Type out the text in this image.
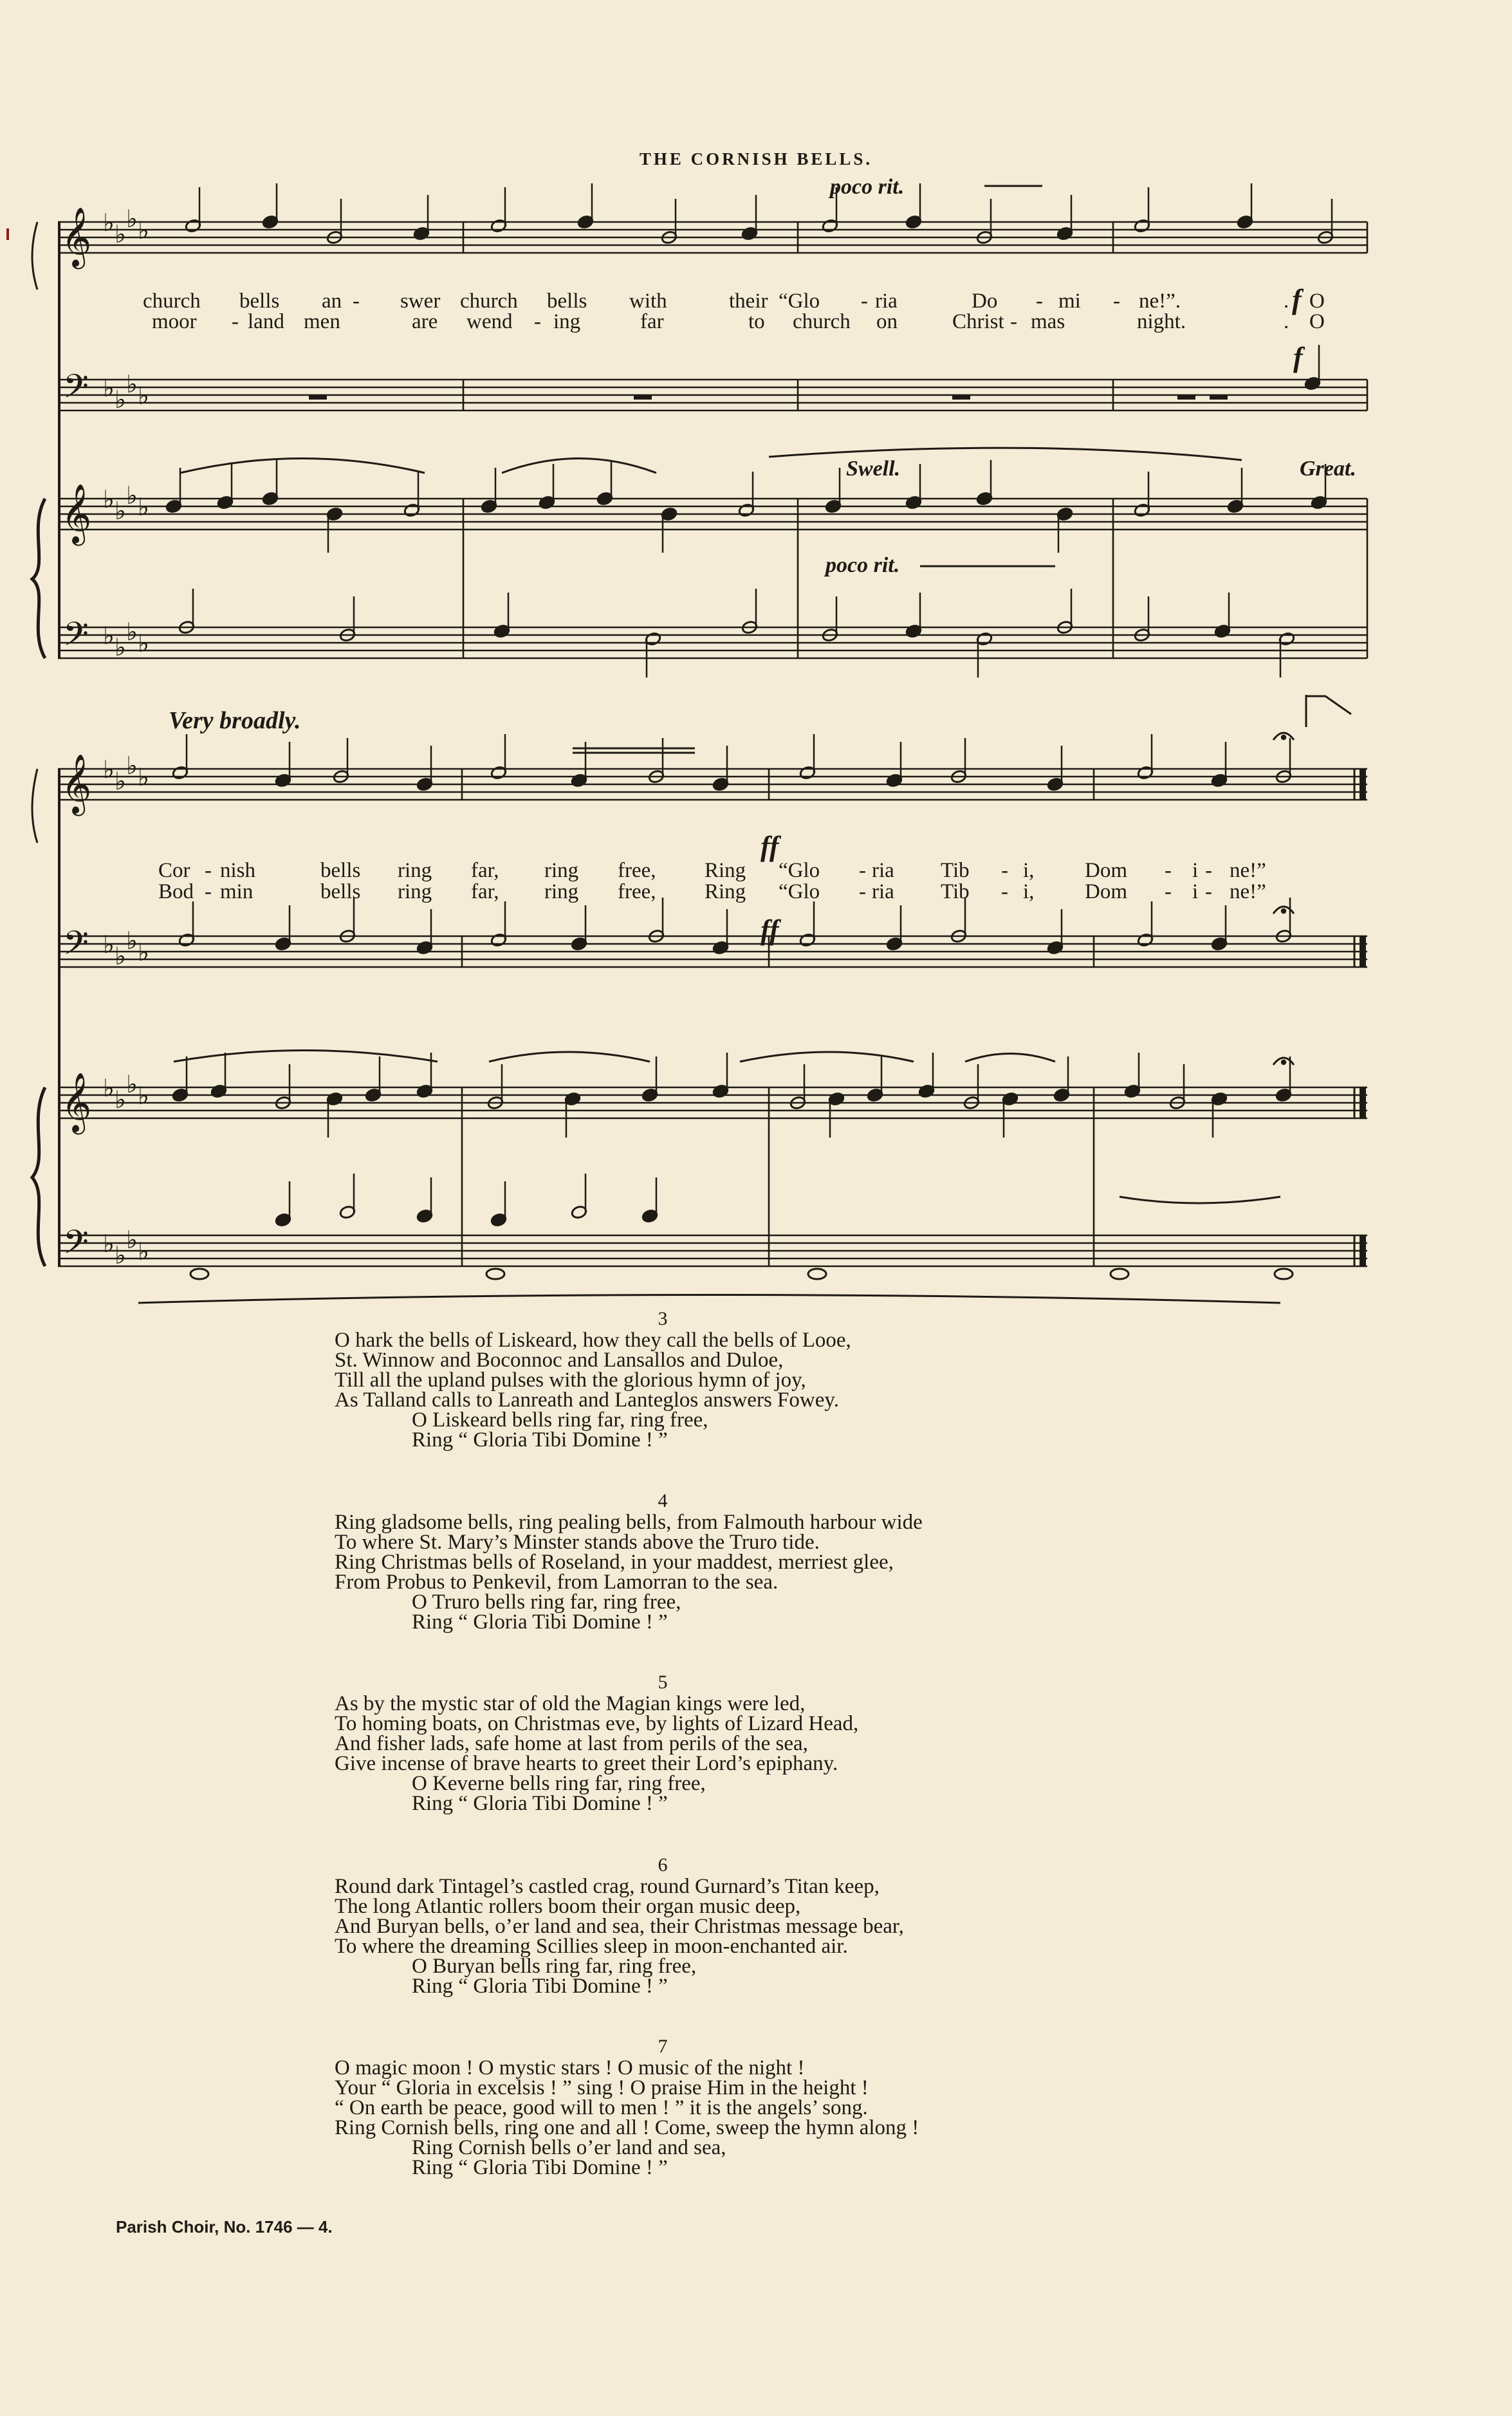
THE CORNISH BELLS.
𝄞 ♭ ♭
♭ ♭
𝄢 ♭ ♭
♭ ♭
𝄞 ♭ ♭
♭ ♭
𝄢 ♭ ♭
♭ ♭
𝄞 ♭ ♭
♭ ♭
𝄢 ♭ ♭
♭ ♭
𝄞 ♭ ♭
♭ ♭
𝄢 ♭ ♭
♭ ♭
poco rit.
Swell.	Great.
poco rit.
f
f
church bells an - swer church bells with	their “Glo - ria	Do - mi - ne!”.	. O
moor - land men	are wend - ing	far	to church on	Christ - mas	night.	. O
Very broadly.
ff
ff
Cor - nish	bells ring far, ring free, Ring “Glo - ria Tib - i, Dom - i - ne!”
Bod - min	bells ring far, ring free, Ring “Glo - ria Tib - i, Dom - i - ne!”
3
O hark the bells of Liskeard, how they call the bells of Looe,
St. Winnow and Boconnoc and Lansallos and Duloe,
Till all the upland pulses with the glorious hymn of joy,
As Talland calls to Lanreath and Lanteglos answers Fowey.
O Liskeard bells ring far, ring free,
Ring “ Gloria Tibi Domine ! ”
4
Ring gladsome bells, ring pealing bells, from Falmouth harbour wide
To where St. Mary’s Minster stands above the Truro tide.
Ring Christmas bells of Roseland, in your maddest, merriest glee,
From Probus to Penkevil, from Lamorran to the sea.
O Truro bells ring far, ring free,
Ring “ Gloria Tibi Domine ! ”
5
As by the mystic star of old the Magian kings were led,
To homing boats, on Christmas eve, by lights of Lizard Head,
And fisher lads, safe home at last from perils of the sea,
Give incense of brave hearts to greet their Lord’s epiphany.
O Keverne bells ring far, ring free,
Ring “ Gloria Tibi Domine ! ”
6
Round dark Tintagel’s castled crag, round Gurnard’s Titan keep,
The long Atlantic rollers boom their organ music deep,
And Buryan bells, o’er land and sea, their Christmas message bear,
To where the dreaming Scillies sleep in moon-enchanted air.
O Buryan bells ring far, ring free,
Ring “ Gloria Tibi Domine ! ”
7
O magic moon ! O mystic stars ! O music of the night !
Your “ Gloria in excelsis ! ” sing ! O praise Him in the height !
“ On earth be peace, good will to men ! ” it is the angels’ song.
Ring Cornish bells, ring one and all ! Come, sweep the hymn along !
Ring Cornish bells o’er land and sea,
Ring “ Gloria Tibi Domine ! ”
Parish Choir, No. 1746 — 4.
